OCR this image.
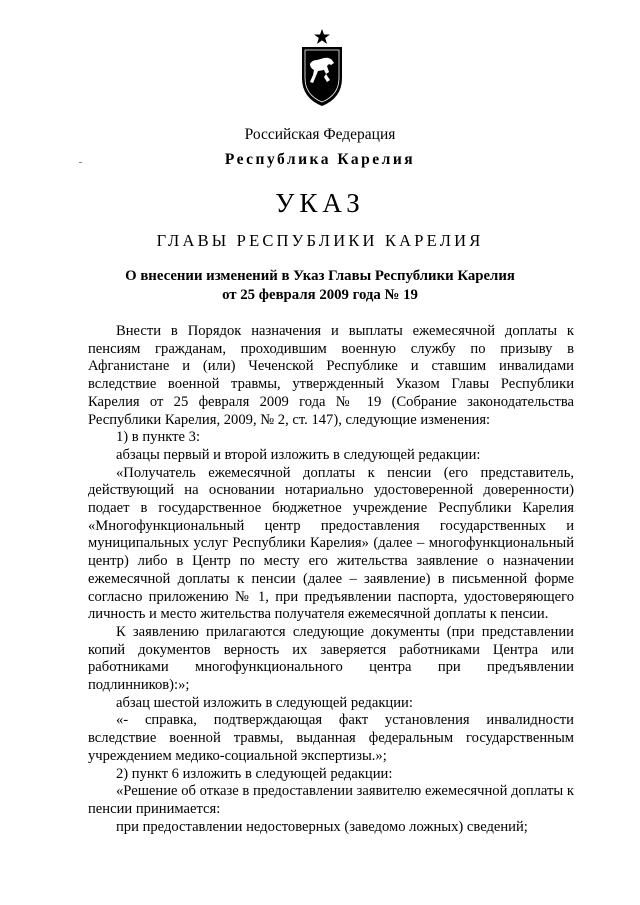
Российская Федерация
Республика Карелия
УКАЗ
ГЛАВЫ РЕСПУБЛИКИ КАРЕЛИЯ
О внесении изменений в Указ Главы Республики Карелия
от 25 февраля 2009 года № 19

Внести в Порядок назначения и выплаты ежемесячной доплаты к пенсиям гражданам, проходившим военную службу по призыву в Афганистане и (или) Чеченской Республике и ставшим инвалидами вследствие военной травмы, утвержденный Указом Главы Республики Карелия от 25 февраля 2009 года № 19 (Собрание законодательства Республики Карелия, 2009, № 2, ст. 147), следующие изменения:

1) в пункте 3:

абзацы первый и второй изложить в следующей редакции:

«Получатель ежемесячной доплаты к пенсии (его представитель, действующий на основании нотариально удостоверенной доверенности) подает в государственное бюджетное учреждение Республики Карелия «Многофункциональный центр предоставления государственных и муниципальных услуг Республики Карелия» (далее – многофункциональный центр) либо в Центр по месту его жительства заявление о назначении ежемесячной доплаты к пенсии (далее – заявление) в письменной форме согласно приложению № 1, при предъявлении паспорта, удостоверяющего личность и место жительства получателя ежемесячной доплаты к пенсии.

К заявлению прилагаются следующие документы (при представлении копий документов верность их заверяется работниками Центра или работниками многофункционального центра при предъявлении подлинников):»;

абзац шестой изложить в следующей редакции:

«- справка, подтверждающая факт установления инвалидности вследствие военной травмы, выданная федеральным государственным учреждением медико-социальной экспертизы.»;

2) пункт 6 изложить в следующей редакции:

«Решение об отказе в предоставлении заявителю ежемесячной доплаты к пенсии принимается:

при предоставлении недостоверных (заведомо ложных) сведений;
